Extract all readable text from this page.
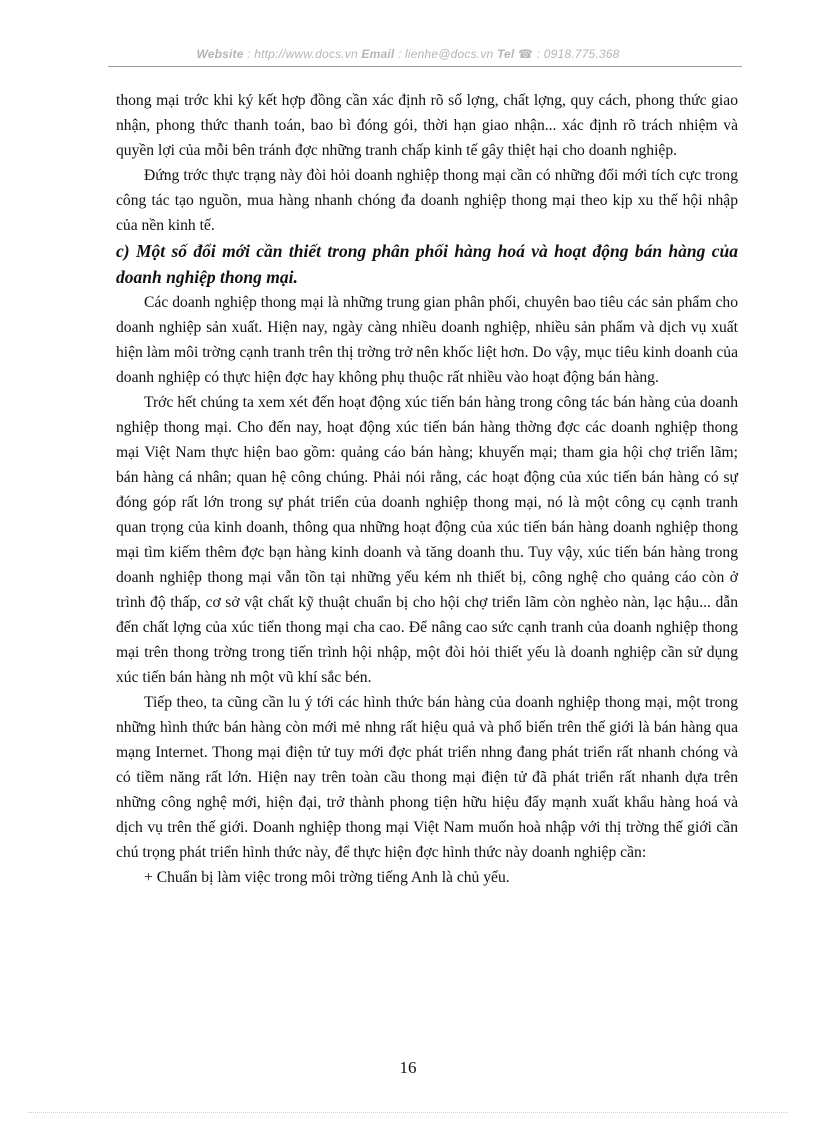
Website : http://www.docs.vn Email : lienhe@docs.vn Tel ☎ : 0918.775.368

thong mại trớc khi ký kết hợp đồng cần xác định rõ số lợng, chất lợng, quy cách, phong thức giao nhận, phong thức thanh toán, bao bì đóng gói, thời hạn giao nhận... xác định rõ trách nhiệm và quyền lợi của mỗi bên tránh đợc những tranh chấp kinh tế gây thiệt hại cho doanh nghiệp.

Đứng trớc thực trạng này đòi hỏi doanh nghiệp thong mại cần có những đổi mới tích cực trong công tác tạo nguồn, mua hàng nhanh chóng đa doanh nghiệp thong mại theo kịp xu thế hội nhập của nền kinh tế.

c) Một số đổi mới cần thiết trong phân phối hàng hoá và hoạt động bán hàng của doanh nghiệp thong mại.

Các doanh nghiệp thong mại là những trung gian phân phối, chuyên bao tiêu các sản phẩm cho doanh nghiệp sản xuất. Hiện nay, ngày càng nhiều doanh nghiệp, nhiều sản phẩm và dịch vụ xuất hiện làm môi trờng cạnh tranh trên thị trờng trở nên khốc liệt hơn. Do vậy, mục tiêu kinh doanh của doanh nghiệp có thực hiện đợc hay không phụ thuộc rất nhiều vào hoạt động bán hàng.

Trớc hết chúng ta xem xét đến hoạt động xúc tiến bán hàng trong công tác bán hàng của doanh nghiệp thong mại. Cho đến nay, hoạt động xúc tiến bán hàng thờng đợc các doanh nghiệp thong mại Việt Nam thực hiện bao gồm: quảng cáo bán hàng; khuyến mại; tham gia hội chợ triển lãm; bán hàng cá nhân; quan hệ công chúng. Phải nói rằng, các hoạt động của xúc tiến bán hàng có sự đóng góp rất lớn trong sự phát triển của doanh nghiệp thong mại, nó là một công cụ cạnh tranh quan trọng của kinh doanh, thông qua những hoạt động của xúc tiến bán hàng doanh nghiệp thong mại tìm kiếm thêm đợc bạn hàng kinh doanh và tăng doanh thu. Tuy vậy, xúc tiến bán hàng trong doanh nghiệp thong mại vẫn tồn tại những yếu kém nh thiết bị, công nghệ cho quảng cáo còn ở trình độ thấp, cơ sở vật chất kỹ thuật chuẩn bị cho hội chợ triển lãm còn nghèo nàn, lạc hậu... dẫn đến chất lợng của xúc tiến thong mại cha cao. Để nâng cao sức cạnh tranh của doanh nghiệp thong mại trên thong trờng trong tiến trình hội nhập, một đòi hỏi thiết yếu là doanh nghiệp cần sử dụng xúc tiến bán hàng nh một vũ khí sắc bén.

Tiếp theo, ta cũng cần lu ý tới các hình thức bán hàng của doanh nghiệp thong mại, một trong những hình thức bán hàng còn mới mẻ nhng rất hiệu quả và phổ biến trên thế giới là bán hàng qua mạng Internet. Thong mại điện tử tuy mới đợc phát triển nhng đang phát triển rất nhanh chóng và có tiềm năng rất lớn. Hiện nay trên toàn cầu thong mại điện tử đã phát triển rất nhanh dựa trên những công nghệ mới, hiện đại, trở thành phong tiện hữu hiệu đẩy mạnh xuất khẩu hàng hoá và dịch vụ trên thế giới. Doanh nghiệp thong mại Việt Nam muốn hoà nhập với thị trờng thế giới cần chú trọng phát triển hình thức này, để thực hiện đợc hình thức này doanh nghiệp cần:

+ Chuẩn bị làm việc trong môi trờng tiếng Anh là chủ yếu.

16
